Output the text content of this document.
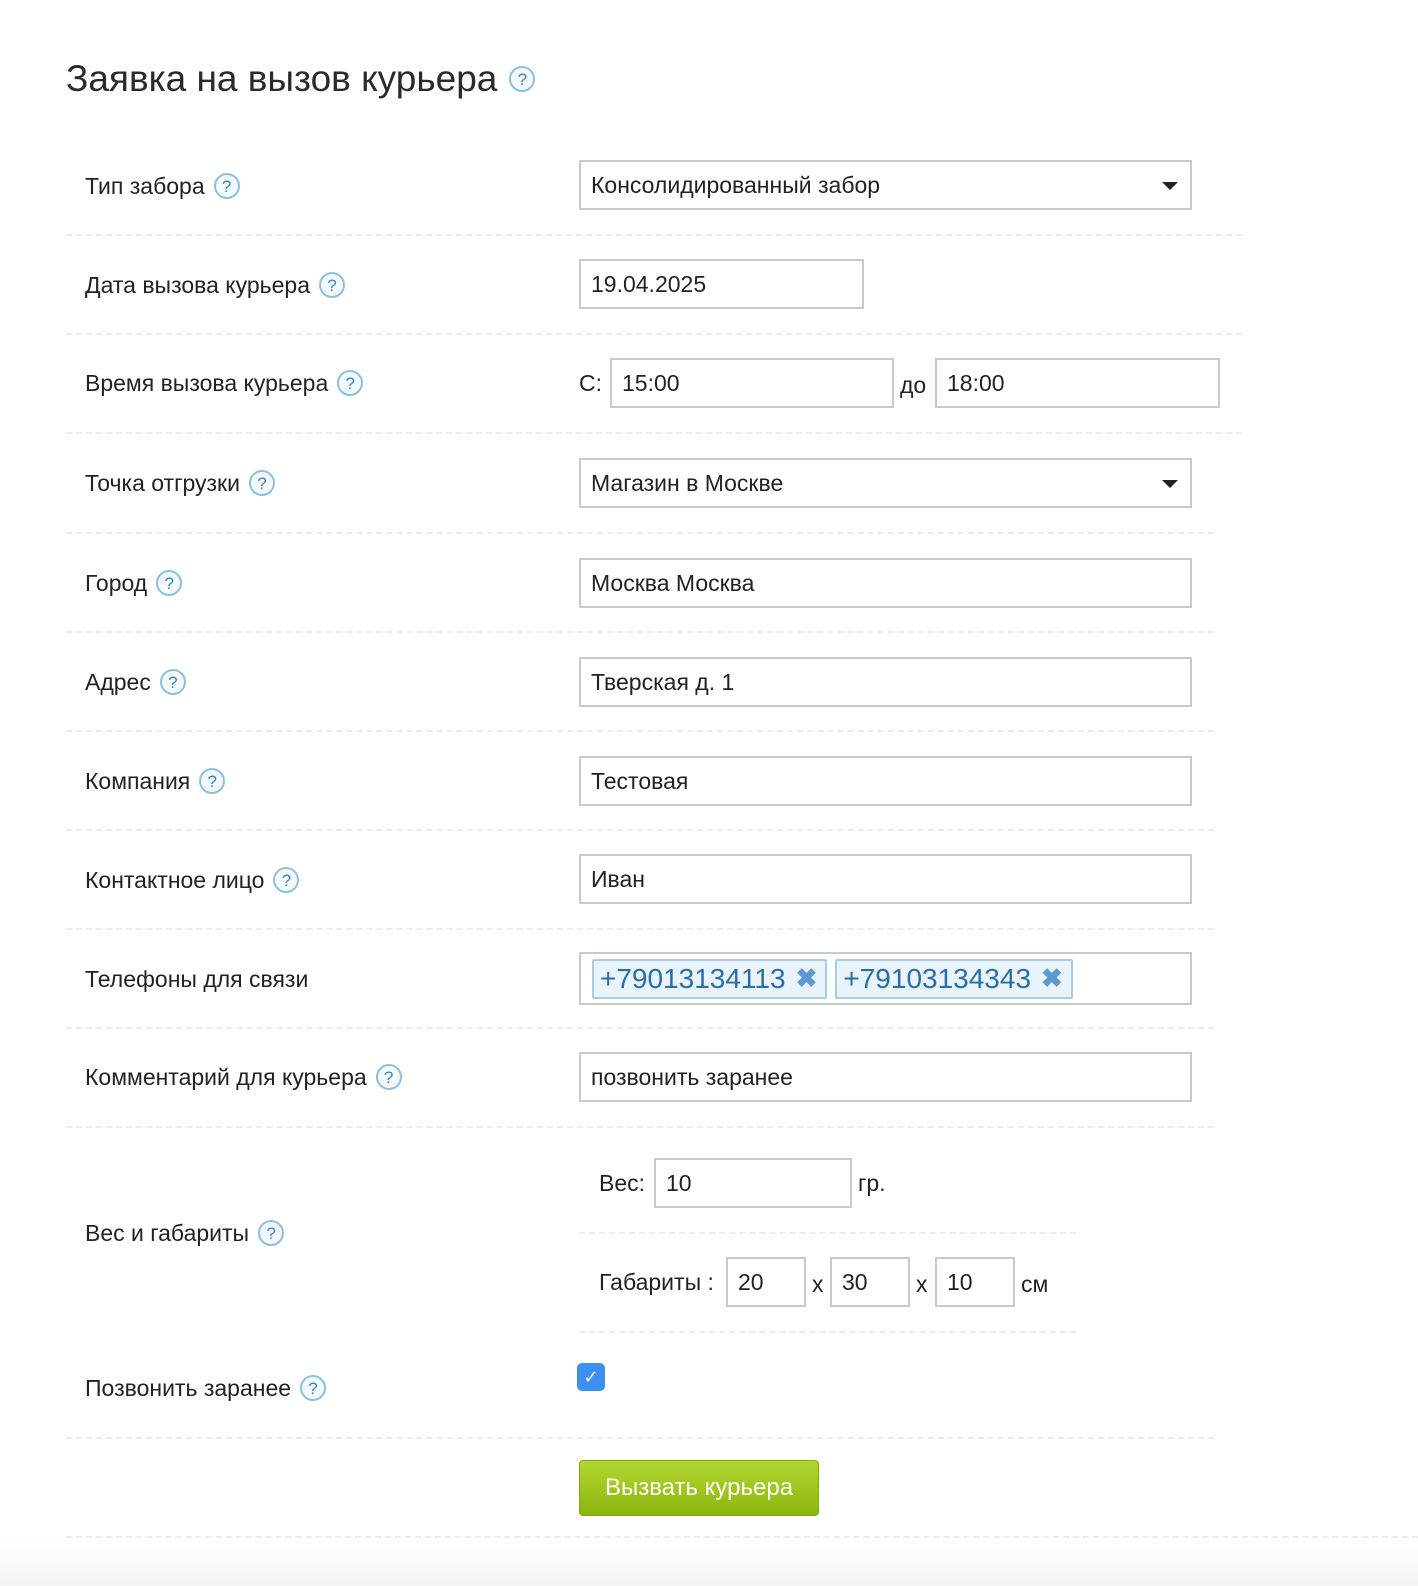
Заявка на вызов курьера	?
Тип забора	?	Консолидированный забор
Дата вызова курьера	?	19.04.2025
Время вызова курьера	?	С: 15:00	до 18:00
Точка отгрузки	?	Магазин в Москве
Город	?	Москва Москва
Адрес	?	Тверская д. 1
Компания	?	Тестовая
Контактное лицо	?	Иван
Телефоны для связи	+79013134113 ✖ +79103134343 ✖
Комментарий для курьера	?	позвонить заранее
Вес и габариты	?
Вес: 10	гр.
Габариты : 20 x 30 x 10 см
Позвонить заранее	?
✓
Вызвать курьера
